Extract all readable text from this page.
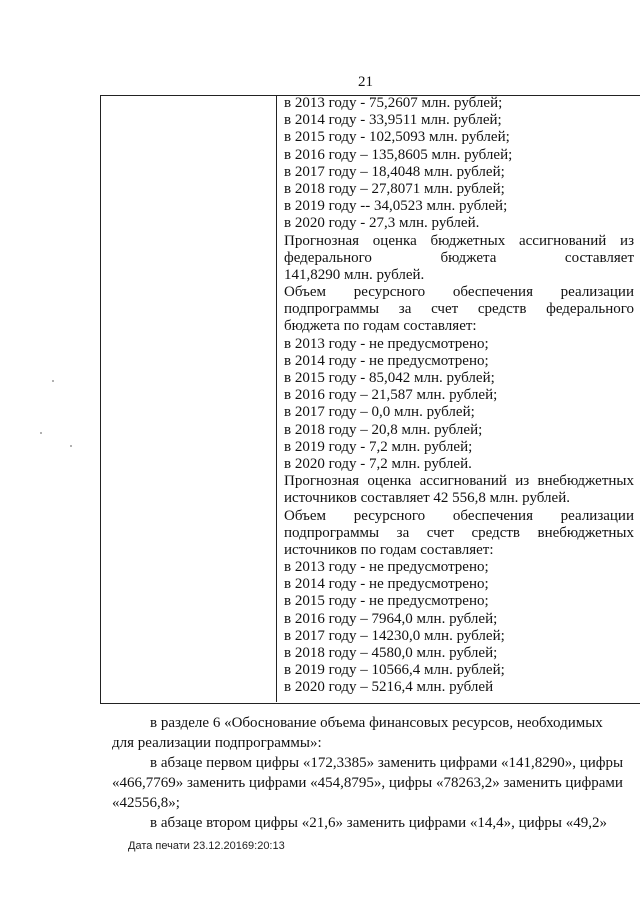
21
в 2013 году - 75,2607 млн. рублей;
в 2014 году - 33,9511 млн. рублей;
в 2015 году - 102,5093 млн. рублей;
в 2016 году – 135,8605 млн. рублей;
в 2017 году – 18,4048 млн. рублей;
в 2018 году – 27,8071 млн. рублей;
в 2019 году -- 34,0523 млн. рублей;
в 2020 году - 27,3 млн. рублей.
Прогнозная оценка бюджетных ассигнований из
федерального бюджета составляет
141,8290 млн. рублей.
Объем ресурсного обеспечения реализации
подпрограммы за счет средств федерального
бюджета по годам составляет:
в 2013 году - не предусмотрено;
в 2014 году - не предусмотрено;
в 2015 году - 85,042 млн. рублей;
в 2016 году – 21,587 млн. рублей;
в 2017 году – 0,0 млн. рублей;
в 2018 году – 20,8 млн. рублей;
в 2019 году - 7,2 млн. рублей;
в 2020 году - 7,2 млн. рублей.
Прогнозная оценка ассигнований из внебюджетных
источников составляет 42 556,8 млн. рублей.
Объем ресурсного обеспечения реализации
подпрограммы за счет средств внебюджетных
источников по годам составляет:
в 2013 году - не предусмотрено;
в 2014 году - не предусмотрено;
в 2015 году - не предусмотрено;
в 2016 году – 7964,0 млн. рублей;
в 2017 году – 14230,0 млн. рублей;
в 2018 году – 4580,0 млн. рублей;
в 2019 году – 10566,4 млн. рублей;
в 2020 году – 5216,4 млн. рублей
в разделе 6 «Обоснование объема финансовых ресурсов, необходимых
для реализации подпрограммы»:
в абзаце первом цифры «172,3385» заменить цифрами «141,8290», цифры
«466,7769» заменить цифрами «454,8795», цифры «78263,2» заменить цифрами
«42556,8»;
в абзаце втором цифры «21,6» заменить цифрами «14,4», цифры «49,2»
Дата печати 23.12.20169:20:13
